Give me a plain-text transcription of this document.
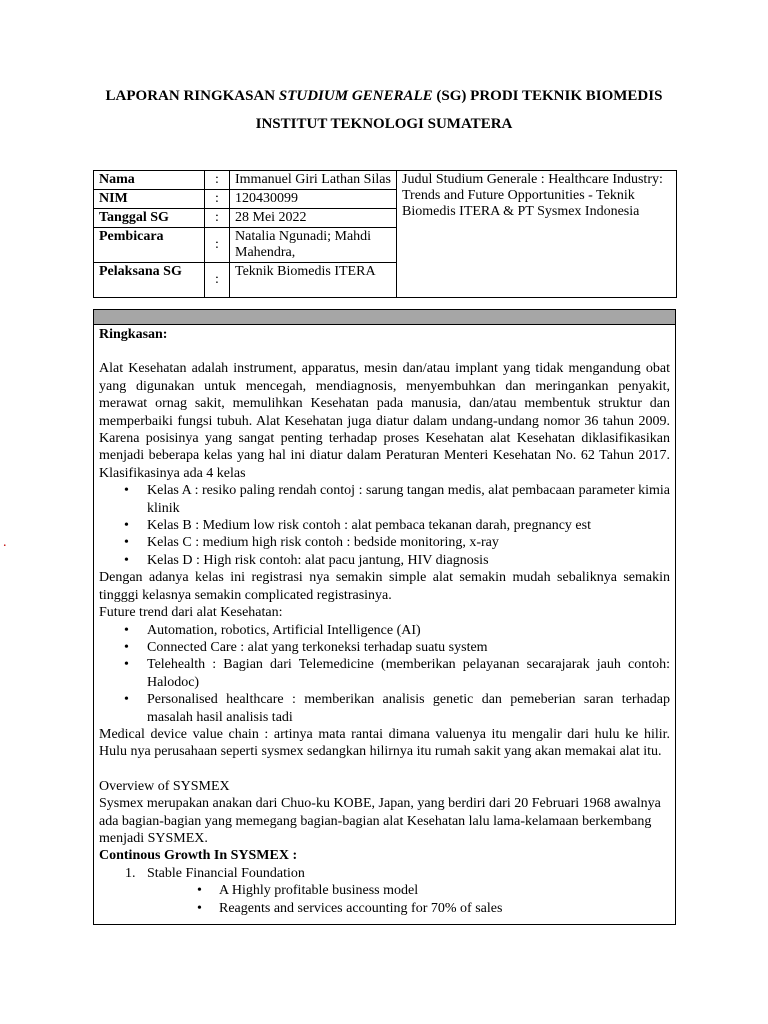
LAPORAN RINGKASAN STUDIUM GENERALE (SG) PRODI TEKNIK BIOMEDIS
INSTITUT TEKNOLOGI SUMATERA
.
Nama	:	Immanuel Giri Lathan Silas	Judul Studium Generale : Healthcare Industry: Trends and Future Opportunities - Teknik Biomedis ITERA & PT Sysmex Indonesia
NIM	:	120430099	
Tanggal SG	:	28 Mei 2022	
Pembicara	:	Natalia Ngunadi; Mahdi Mahendra,	
Pelaksana SG	:	Teknik Biomedis ITERA	

Ringkasan:

Alat Kesehatan adalah instrument, apparatus, mesin dan/atau implant yang tidak mengandung obat yang digunakan untuk mencegah, mendiagnosis, menyembuhkan dan meringankan penyakit, merawat ornag sakit, memulihkan Kesehatan pada manusia, dan/atau membentuk struktur dan memperbaiki fungsi tubuh. Alat Kesehatan juga diatur dalam undang-undang nomor 36 tahun 2009. Karena posisinya yang sangat penting terhadap proses Kesehatan alat Kesehatan diklasifikasikan menjadi beberapa kelas yang hal ini diatur dalam Peraturan Menteri Kesehatan No. 62 Tahun 2017. Klasifikasinya ada 4 kelas

• Kelas A : resiko paling rendah contoj : sarung tangan medis, alat pembacaan parameter kimia klinik
• Kelas B : Medium low risk contoh : alat pembaca tekanan darah, pregnancy est
• Kelas C : medium high risk contoh : bedside monitoring, x-ray
• Kelas D : High risk contoh: alat pacu jantung, HIV diagnosis

Dengan adanya kelas ini registrasi nya semakin simple alat semakin mudah sebaliknya semakin tingggi kelasnya semakin complicated registrasinya.

Future trend dari alat Kesehatan:

• Automation, robotics, Artificial Intelligence (AI)
• Connected Care : alat yang terkoneksi terhadap suatu system
• Telehealth : Bagian dari Telemedicine (memberikan pelayanan secarajarak jauh contoh: Halodoc)
• Personalised healthcare : memberikan analisis genetic dan pemeberian saran terhadap masalah hasil analisis tadi

Medical device value chain : artinya mata rantai dimana valuenya itu mengalir dari hulu ke hilir. Hulu nya perusahaan seperti sysmex sedangkan hilirnya itu rumah sakit yang akan memakai alat itu.

Overview of SYSMEX

Sysmex merupakan anakan dari Chuo-ku KOBE, Japan, yang berdiri dari 20 Februari 1968 awalnya ada bagian-bagian yang memegang bagian-bagian alat Kesehatan lalu lama-kelamaan berkembang menjadi SYSMEX.

Continous Growth In SYSMEX :

1. Stable Financial Foundation
• A Highly profitable business model
• Reagents and services accounting for 70% of sales
